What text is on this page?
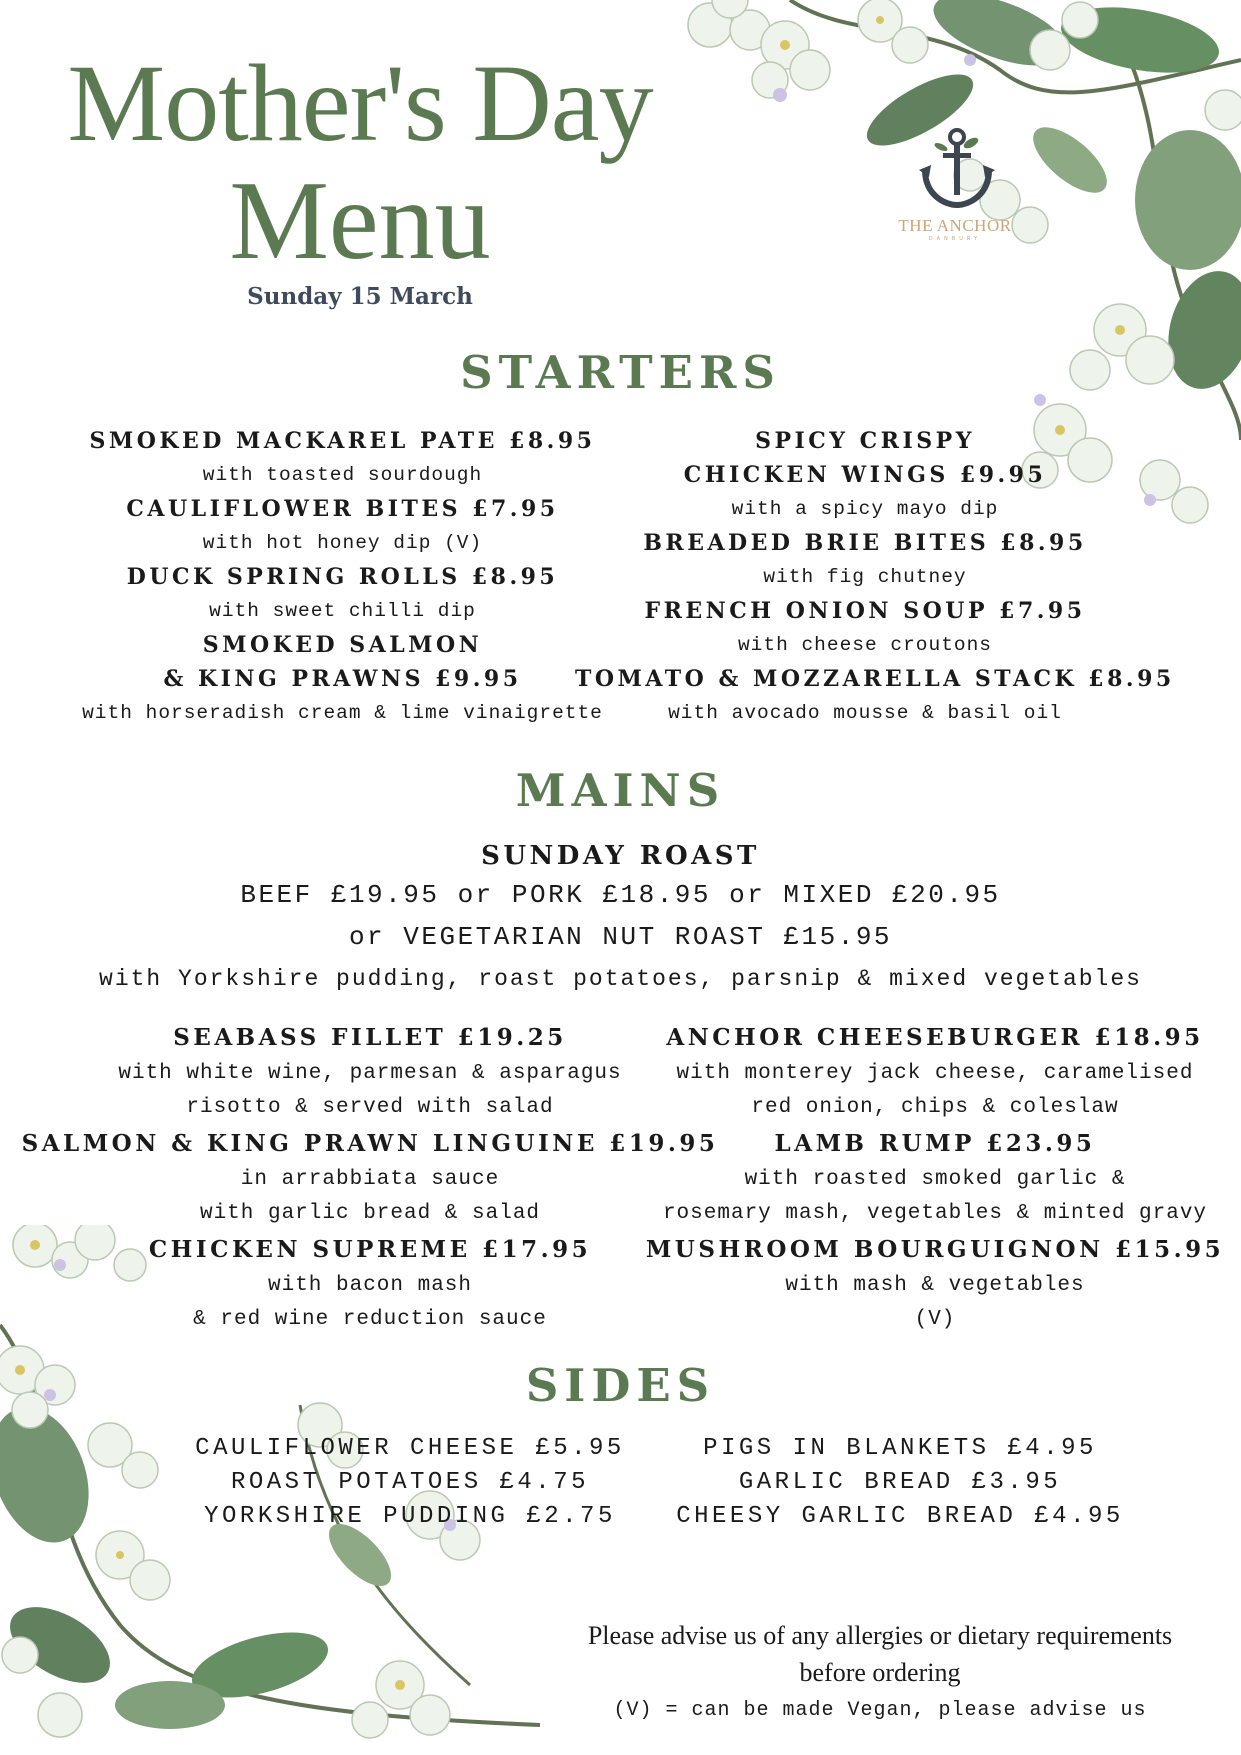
THE ANCHOR
DANBURY
Mother's Day
Menu
Sunday 15 March
STARTERS
SMOKED MACKAREL PATE £8.95
with toasted sourdough
CAULIFLOWER BITES £7.95
with hot honey dip (V)
DUCK SPRING ROLLS £8.95
with sweet chilli dip
SMOKED SALMON
& KING PRAWNS £9.95
with horseradish cream & lime vinaigrette
SPICY CRISPY
CHICKEN WINGS £9.95
with a spicy mayo dip
BREADED BRIE BITES £8.95
with fig chutney
FRENCH ONION SOUP £7.95
with cheese croutons
TOMATO & MOZZARELLA STACK £8.95
with avocado mousse & basil oil
MAINS
SUNDAY ROAST
BEEF £19.95 or PORK £18.95 or MIXED £20.95
or VEGETARIAN NUT ROAST £15.95
with Yorkshire pudding, roast potatoes, parsnip & mixed vegetables
SEABASS FILLET £19.25
with white wine, parmesan & asparagus
risotto & served with salad
SALMON & KING PRAWN LINGUINE £19.95
in arrabbiata sauce
with garlic bread & salad
CHICKEN SUPREME £17.95
with bacon mash
& red wine reduction sauce
ANCHOR CHEESEBURGER £18.95
with monterey jack cheese, caramelised
red onion, chips & coleslaw
LAMB RUMP £23.95
with roasted smoked garlic &
rosemary mash, vegetables & minted gravy
MUSHROOM BOURGUIGNON £15.95
with mash & vegetables
(V)
SIDES
CAULIFLOWER CHEESE £5.95
ROAST POTATOES £4.75
YORKSHIRE PUDDING £2.75
PIGS IN BLANKETS £4.95
GARLIC BREAD £3.95
CHEESY GARLIC BREAD £4.95
Please advise us of any allergies or dietary requirements
before ordering
(V) = can be made Vegan, please advise us
